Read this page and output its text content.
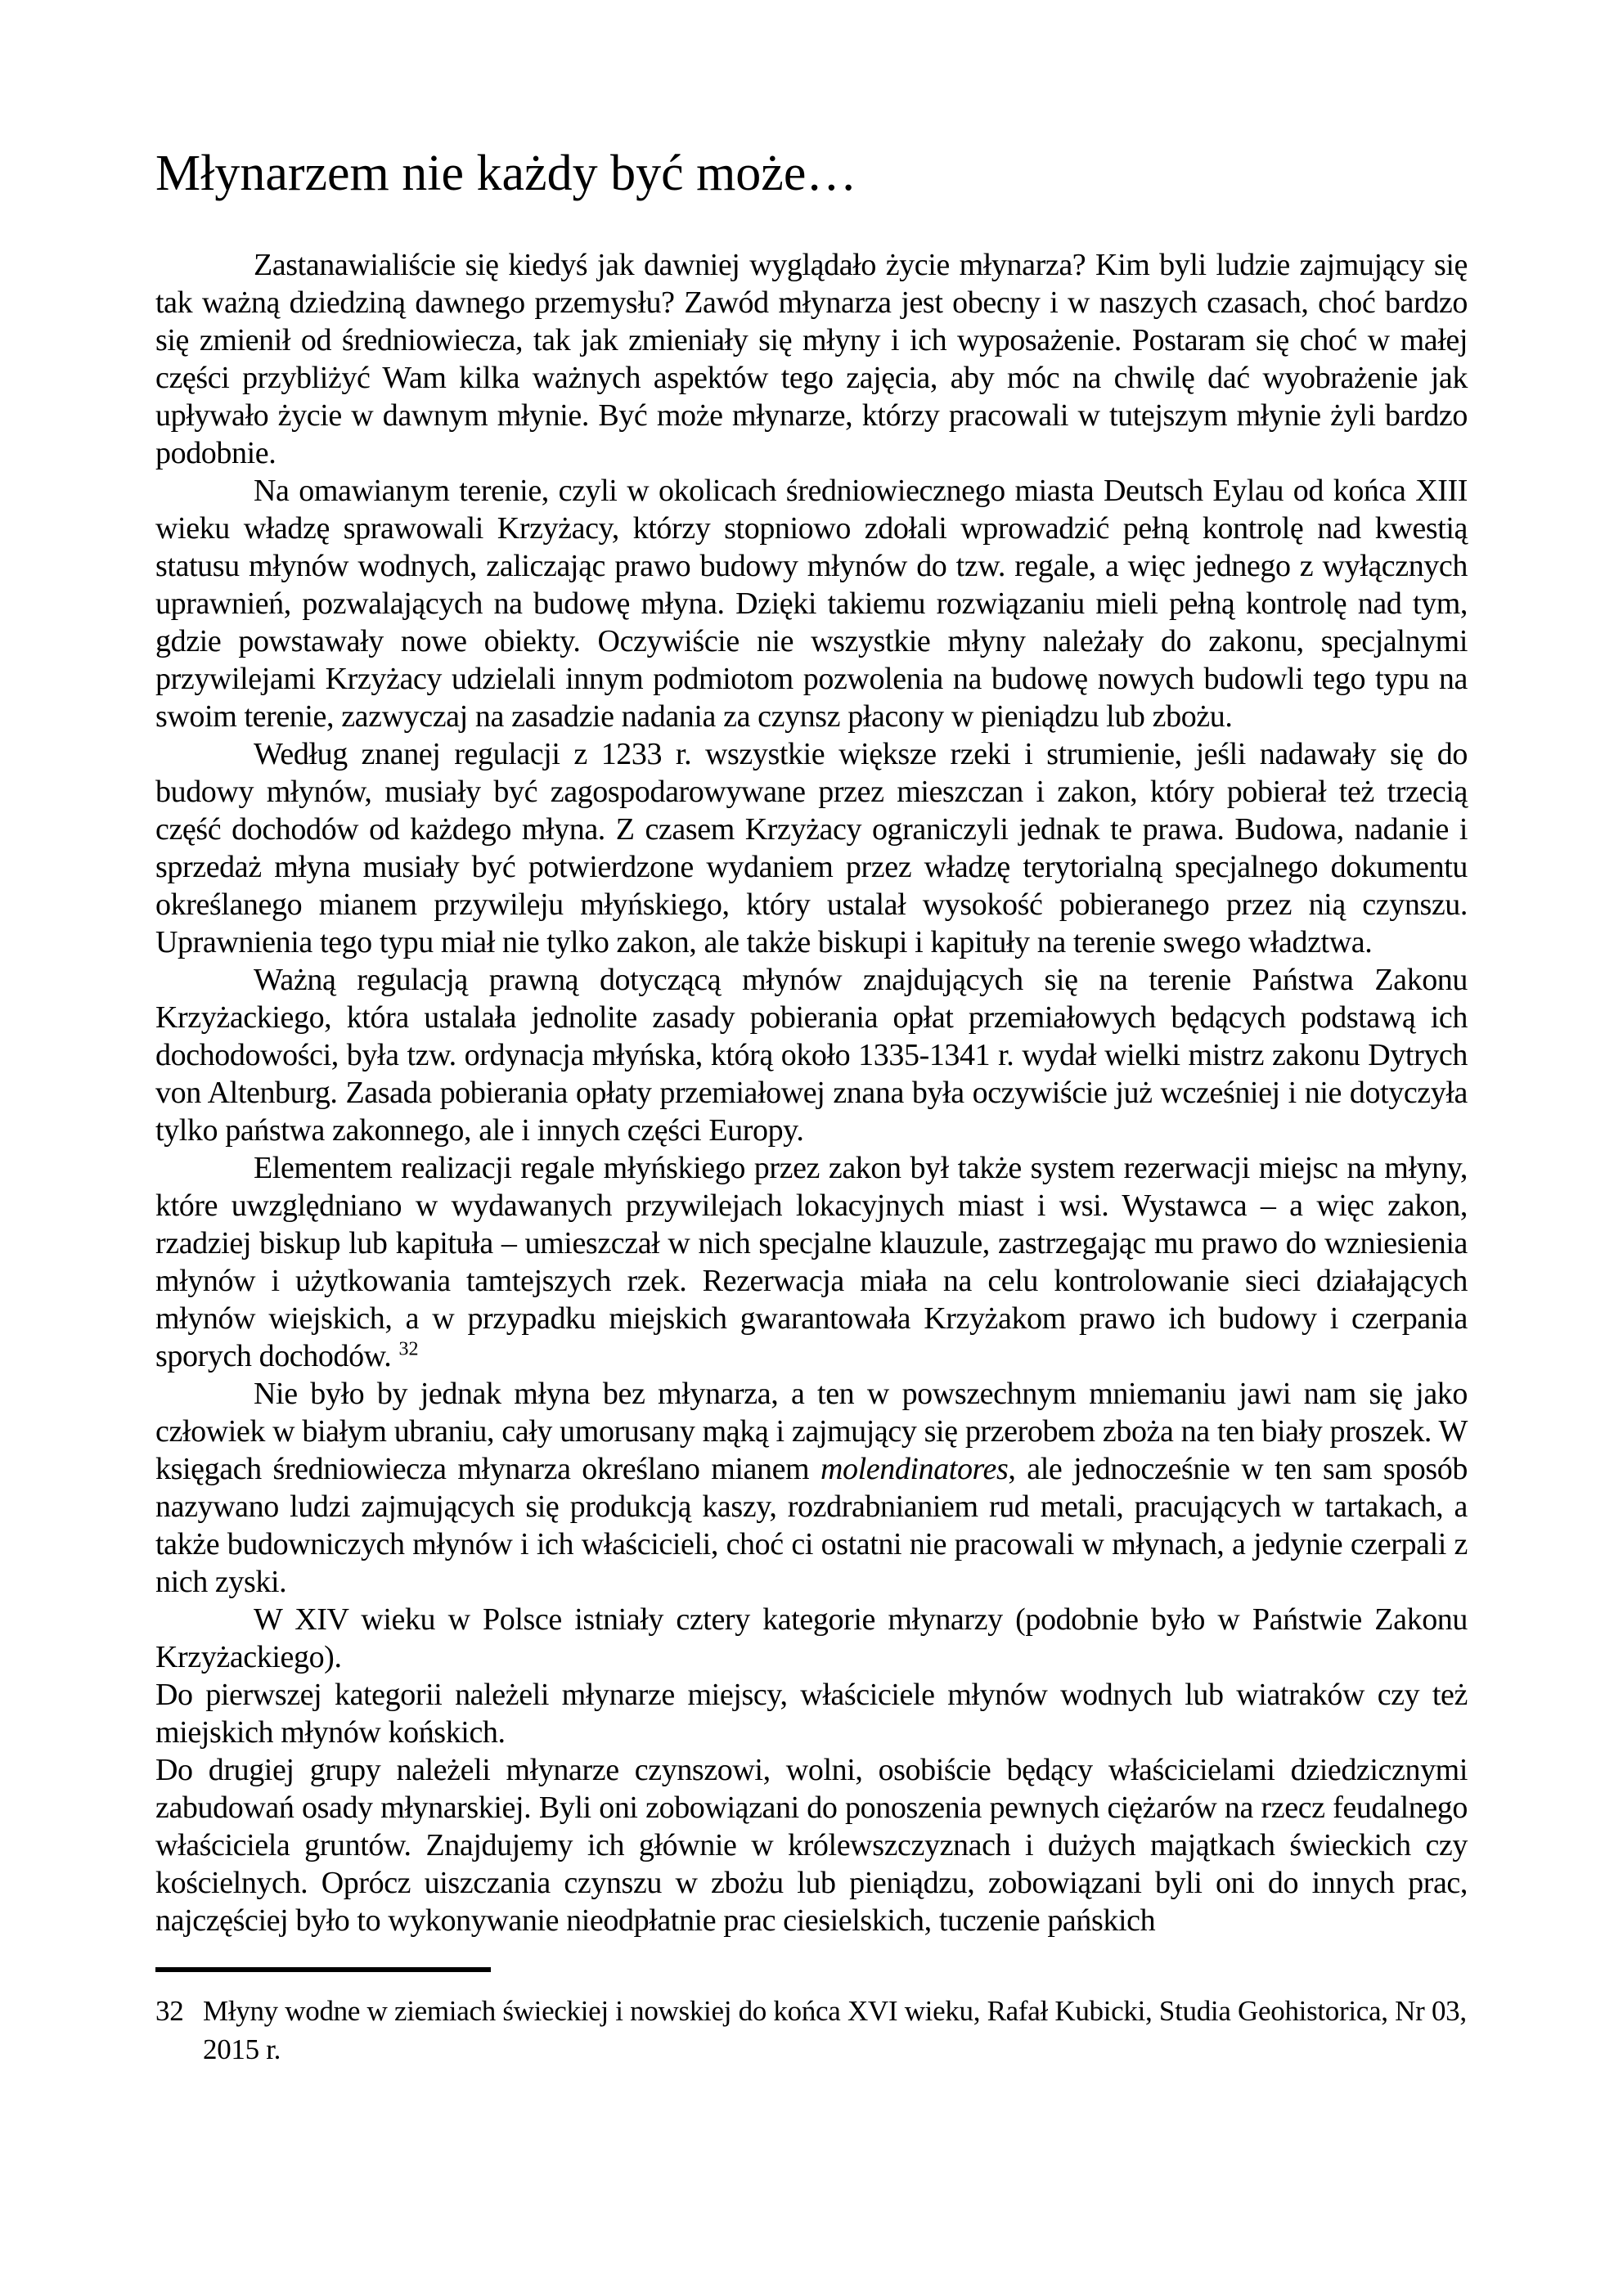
Młynarzem nie każdy być może…

Zastanawialiście się kiedyś jak dawniej wyglądało życie młynarza? Kim byli ludzie zajmujący się tak ważną dziedziną dawnego przemysłu? Zawód młynarza jest obecny i w naszych czasach, choć bardzo się zmienił od średniowiecza, tak jak zmieniały się młyny i ich wyposażenie. Postaram się choć w małej części przybliżyć Wam kilka ważnych aspektów tego zajęcia, aby móc na chwilę dać wyobrażenie jak upływało życie w dawnym młynie. Być może młynarze, którzy pracowali w tutejszym młynie żyli bardzo podobnie.

Na omawianym terenie, czyli w okolicach średniowiecznego miasta Deutsch Eylau od końca XIII wieku władzę sprawowali Krzyżacy, którzy stopniowo zdołali wprowadzić pełną kontrolę nad kwestią statusu młynów wodnych, zaliczając prawo budowy młynów do tzw. regale, a więc jednego z wyłącznych uprawnień, pozwalających na budowę młyna. Dzięki takiemu rozwiązaniu mieli pełną kontrolę nad tym, gdzie powstawały nowe obiekty. Oczywiście nie wszystkie młyny należały do zakonu, specjalnymi przywilejami Krzyżacy udzielali innym podmiotom pozwolenia na budowę nowych budowli tego typu na swoim terenie, zazwyczaj na zasadzie nadania za czynsz płacony w pieniądzu lub zbożu.

Według znanej regulacji z 1233 r. wszystkie większe rzeki i strumienie, jeśli nadawały się do budowy młynów, musiały być zagospodarowywane przez mieszczan i zakon, który pobierał też trzecią część dochodów od każdego młyna. Z czasem Krzyżacy ograniczyli jednak te prawa. Budowa, nadanie i sprzedaż młyna musiały być potwierdzone wydaniem przez władzę terytorialną specjalnego dokumentu określanego mianem przywileju młyńskiego, który ustalał wysokość pobieranego przez nią czynszu. Uprawnienia tego typu miał nie tylko zakon, ale także biskupi i kapituły na terenie swego władztwa.

Ważną regulacją prawną dotyczącą młynów znajdujących się na terenie Państwa Zakonu Krzyżackiego, która ustalała jednolite zasady pobierania opłat przemiałowych będących podstawą ich dochodowości, była tzw. ordynacja młyńska, którą około 1335-1341 r. wydał wielki mistrz zakonu Dytrych von Altenburg. Zasada pobierania opłaty przemiałowej znana była oczywiście już wcześniej i nie dotyczyła tylko państwa zakonnego, ale i innych części Europy.

Elementem realizacji regale młyńskiego przez zakon był także system rezerwacji miejsc na młyny, które uwzględniano w wydawanych przywilejach lokacyjnych miast i wsi. Wystawca – a więc zakon, rzadziej biskup lub kapituła – umieszczał w nich specjalne klauzule, zastrzegając mu prawo do wzniesienia młynów i użytkowania tamtejszych rzek. Rezerwacja miała na celu kontrolowanie sieci działających młynów wiejskich, a w przypadku miejskich gwarantowała Krzyżakom prawo ich budowy i czerpania sporych dochodów. $^{32}$

Nie było by jednak młyna bez młynarza, a ten w powszechnym mniemaniu jawi nam się jako człowiek w białym ubraniu, cały umorusany mąką i zajmujący się przerobem zboża na ten biały proszek. W księgach średniowiecza młynarza określano mianem molendinatores, ale jednocześnie w ten sam sposób nazywano ludzi zajmujących się produkcją kaszy, rozdrabnianiem rud metali, pracujących w tartakach, a także budowniczych młynów i ich właścicieli, choć ci ostatni nie pracowali w młynach, a jedynie czerpali z nich zyski.

W XIV wieku w Polsce istniały cztery kategorie młynarzy (podobnie było w Państwie Zakonu Krzyżackiego).

Do pierwszej kategorii należeli młynarze miejscy, właściciele młynów wodnych lub wiatraków czy też miejskich młynów końskich.

Do drugiej grupy należeli młynarze czynszowi, wolni, osobiście będący właścicielami dziedzicznymi zabudowań osady młynarskiej. Byli oni zobowiązani do ponoszenia pewnych ciężarów na rzecz feudalnego właściciela gruntów. Znajdujemy ich głównie w królewszczyznach i dużych majątkach świeckich czy kościelnych. Oprócz uiszczania czynszu w zbożu lub pieniądzu, zobowiązani byli oni do innych prac, najczęściej było to wykonywanie nieodpłatnie prac ciesielskich, tuczenie pańskich

32 Młyny wodne w ziemiach świeckiej i nowskiej do końca XVI wieku, Rafał Kubicki, Studia Geohistorica, Nr 03, 2015 r.
